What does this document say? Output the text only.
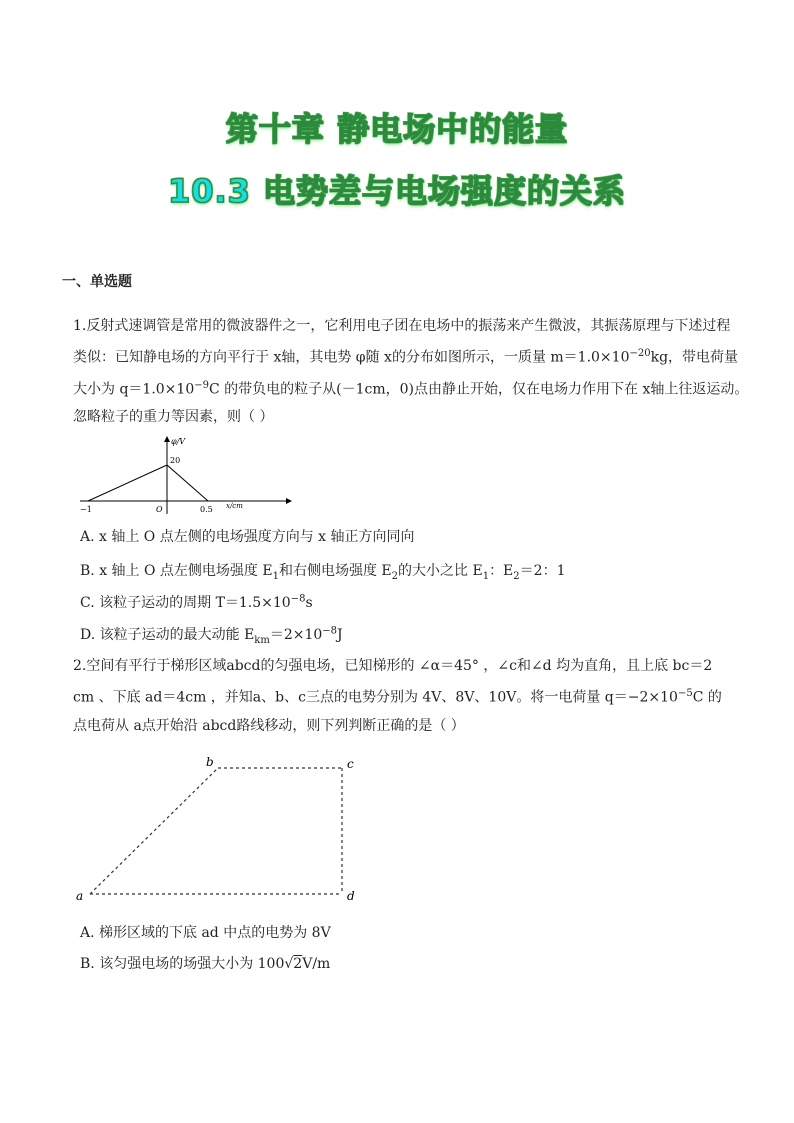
第十章 静电场中的能量
10.3 电势差与电场强度的关系
一、单选题
1.反射式速调管是常用的微波器件之一，它利用电子团在电场中的振荡来产生微波，其振荡原理与下述过程
类似：已知静电场的方向平行于 x轴，其电势 φ随 x的分布如图所示，一质量 $m=1.0\times 10^{-20}kg$，带电荷量
大小为 $q=1.0\times 10^{-9}C$ 的带负电的粒子从(－1cm，0)点由静止开始，仅在电场力作用下在 x轴上往返运动。
忽略粒子的重力等因素，则（ ）
φ/V
20
−1	O	0.5 x/cm
A. x 轴上 O 点左侧的电场强度方向与 x 轴正方向同向
B. x 轴上 O 点左侧电场强度 $E_1$和右侧电场强度 $E_2$的大小之比 $E_1$：$E_2=2$：1
C. 该粒子运动的周期 $T=1.5\times 10^{-8}s$
D. 该粒子运动的最大动能 $E_{km}=2\times 10^{-8}J$
2.空间有平行于梯形区域abcd的匀强电场，已知梯形的 ∠α＝45° ，∠c和∠d 均为直角，且上底 bc＝2
cm 、下底 ad＝4cm ，并知a、b、c三点的电势分别为 4V、8V、10V。将一电荷量 $q=-2\times 10^{-5}C$ 的
点电荷从 a点开始沿 abcd路线移动，则下列判断正确的是（ ）
a
b	c
d
A. 梯形区域的下底 ad 中点的电势为 8V
B. 该匀强电场的场强大小为 100√2V/m
